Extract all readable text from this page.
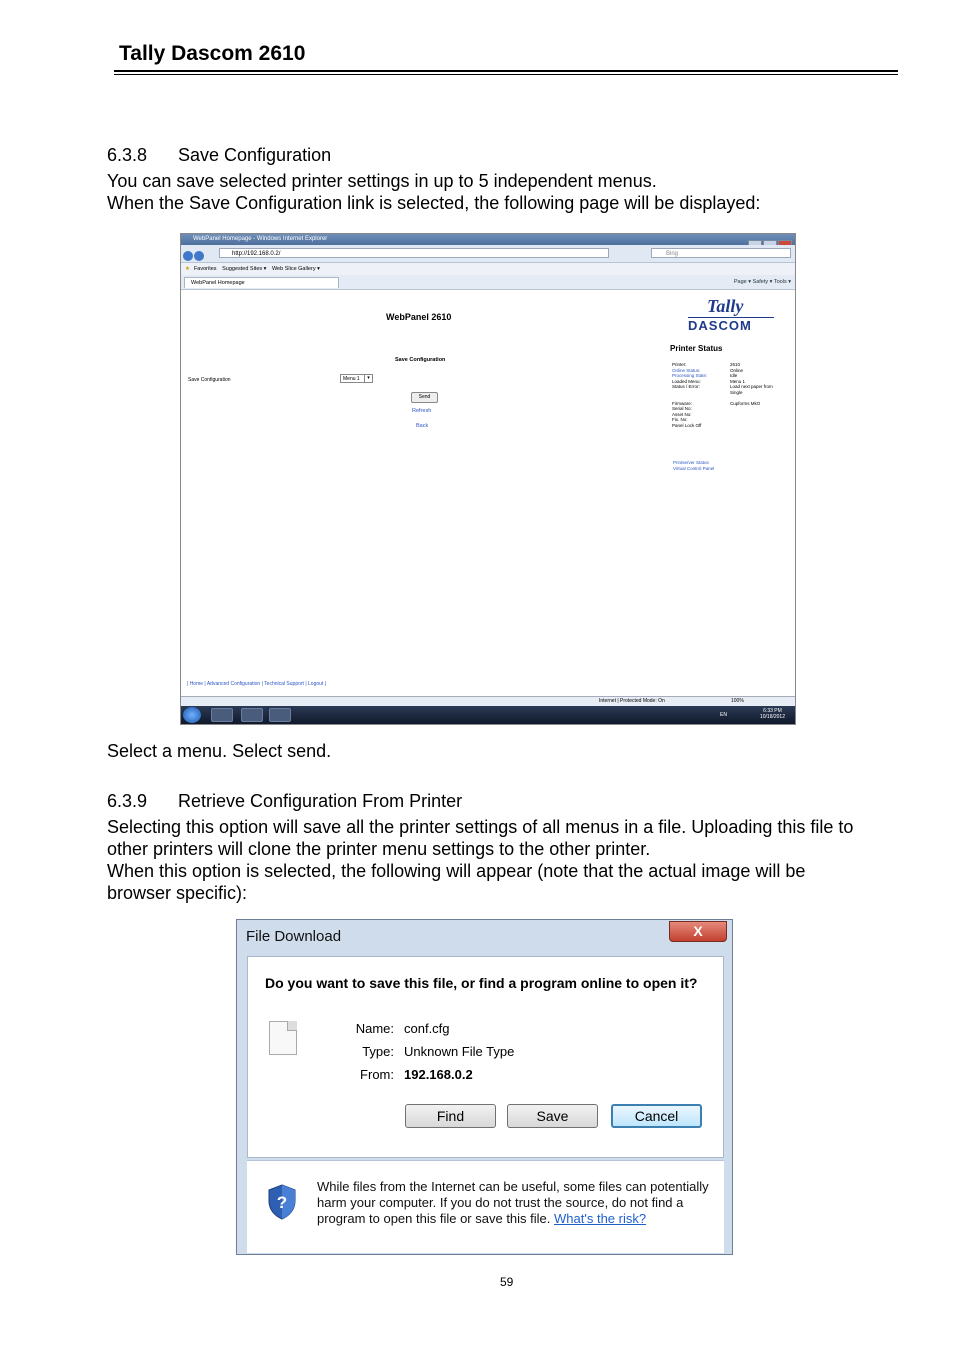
Tally Dascom 2610
6.3.8 Save Configuration
You can save selected printer settings in up to 5 independent menus.
When the Save Configuration link is selected, the following page will be displayed:
WebPanel Homepage - Windows Internet Explorer
http://192.168.0.2/	Bing
★ Favorites Suggested Sites ▾ Web Slice Gallery ▾
WebPanel Homepage	Page ▾ Safety ▾ Tools ▾
WebPanel 2610
Tally
DASCOM
Printer Status
Printer:	2610
Online Status:	Online
Processing State:	Idle
Loaded Menu:	Menu 1
Status / Error:	Load next paper from
Single
Firmware:	Cupforms MkO
Serial No:
Asset No:
Fix. No:
Panel Lock Off
Printserver Status
Virtual Control Panel
Save Configuration
Save Configuration	Menu 1	▾
Send
Refresh
Back
| Home | Advanced Configuration | Technical Support | Logout |
Internet | Protected Mode: On	100%
EN
6:33 PM
10/18/2012
Select a menu. Select send.
6.3.9 Retrieve Configuration From Printer
Selecting this option will save all the printer settings of all menus in a file. Uploading this file to
other printers will clone the printer menu settings to the other printer.
When this option is selected, the following will appear (note that the actual image will be
browser specific):
File Download	X
Do you want to save this file, or find a program online to open it?
Name: conf.cfg
Type: Unknown File Type
From: 192.168.0.2
Find	Save	Cancel
?
While files from the Internet can be useful, some files can potentially harm your computer. If you do not trust the source, do not find a program to open this file or save this file. What's the risk?
59
